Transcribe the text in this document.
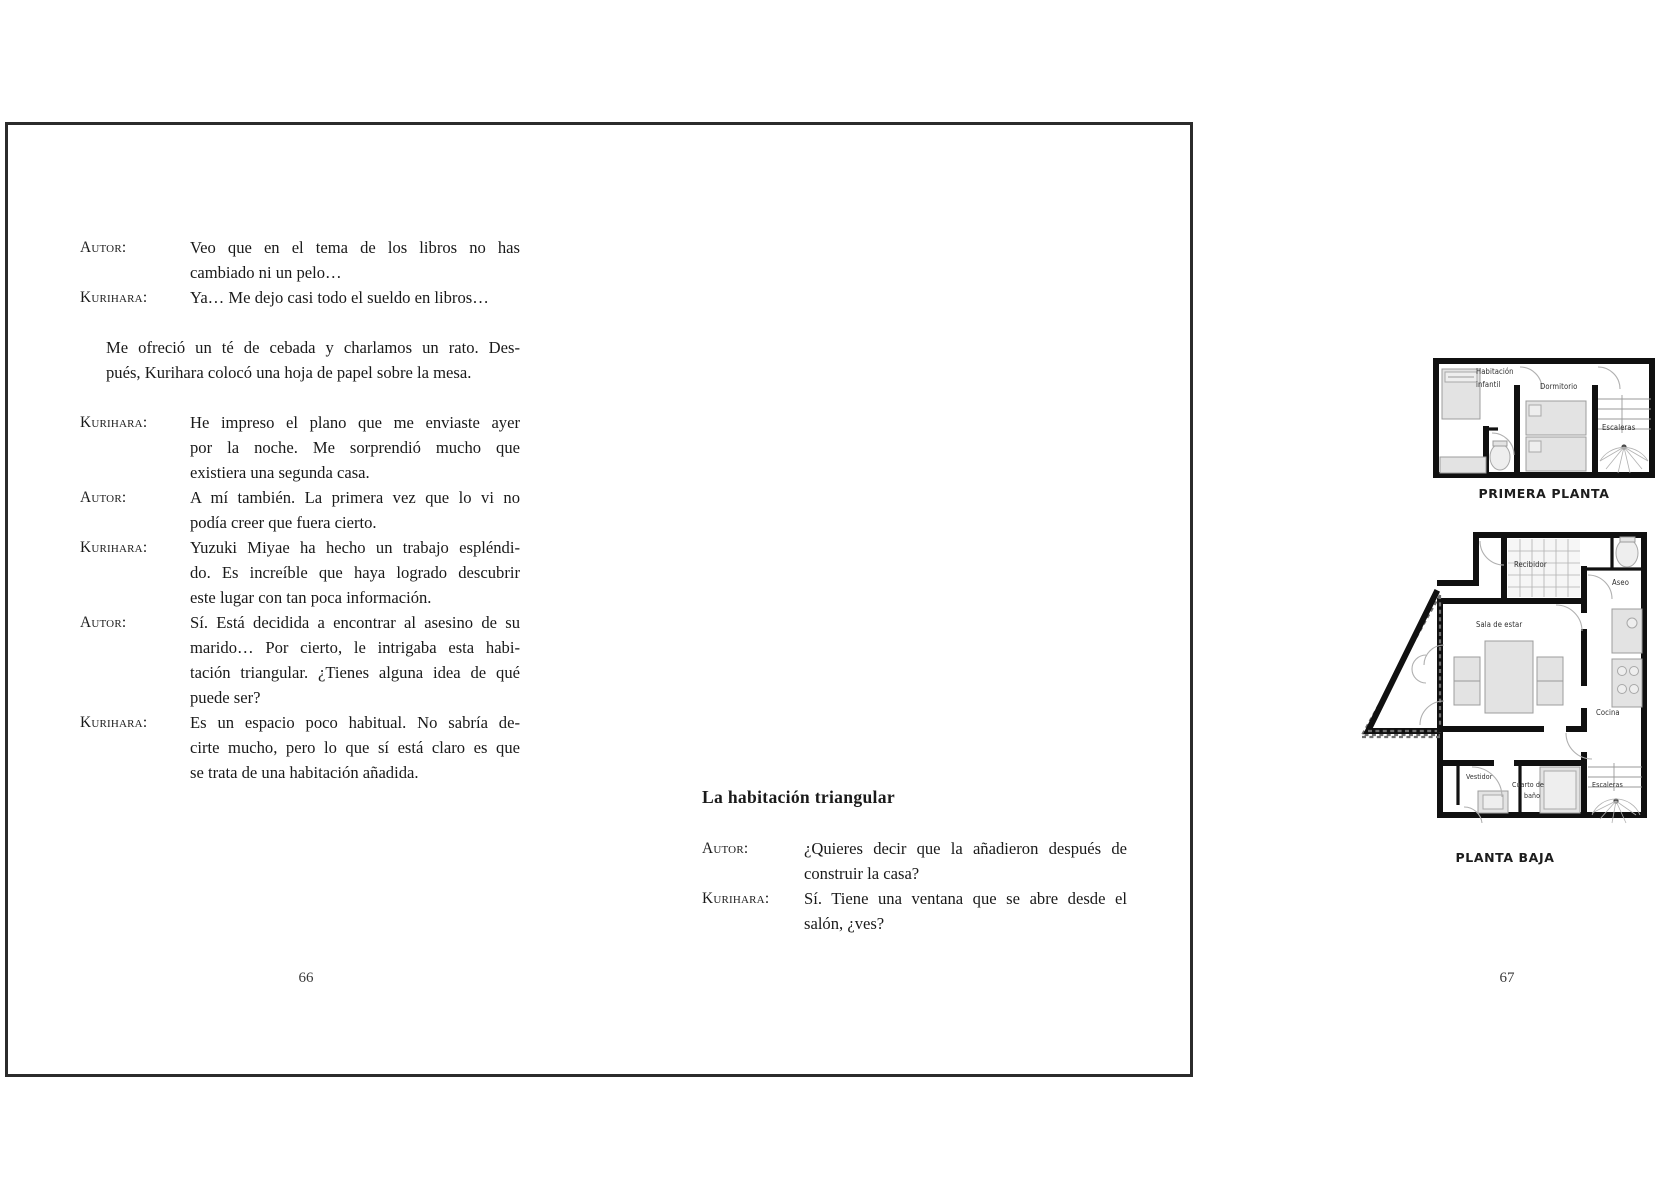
Autor:	Veo que en el tema de los libros no has
cambiado ni un pelo…
Kurihara:	Ya… Me dejo casi todo el sueldo en libros…
Me ofreció un té de cebada y charlamos un rato. Des-
pués, Kurihara colocó una hoja de papel sobre la mesa.
Kurihara:	He impreso el plano que me enviaste ayer
por la noche. Me sorprendió mucho que
existiera una segunda casa.
Autor:	A mí también. La primera vez que lo vi no
podía creer que fuera cierto.
Kurihara:	Yuzuki Miyae ha hecho un trabajo espléndi-
do. Es increíble que haya logrado descubrir
este lugar con tan poca información.
Autor:	Sí. Está decidida a encontrar al asesino de su
marido… Por cierto, le intrigaba esta habi-
tación triangular. ¿Tienes alguna idea de qué
puede ser?
Kurihara:	Es un espacio poco habitual. No sabría de-
cirte mucho, pero lo que sí está claro es que
se trata de una habitación añadida.
66
Habitación
infantil	Dormitorio
Escaleras
PRIMERA PLANTA
Recibidor
Aseo
Sala de estar
Cocina
Vestidor
Cuarto de
baño
Escaleras
PLANTA BAJA
La habitación triangular
Autor:	¿Quieres decir que la añadieron después de
construir la casa?
Kurihara:	Sí. Tiene una ventana que se abre desde el
salón, ¿ves?
67
